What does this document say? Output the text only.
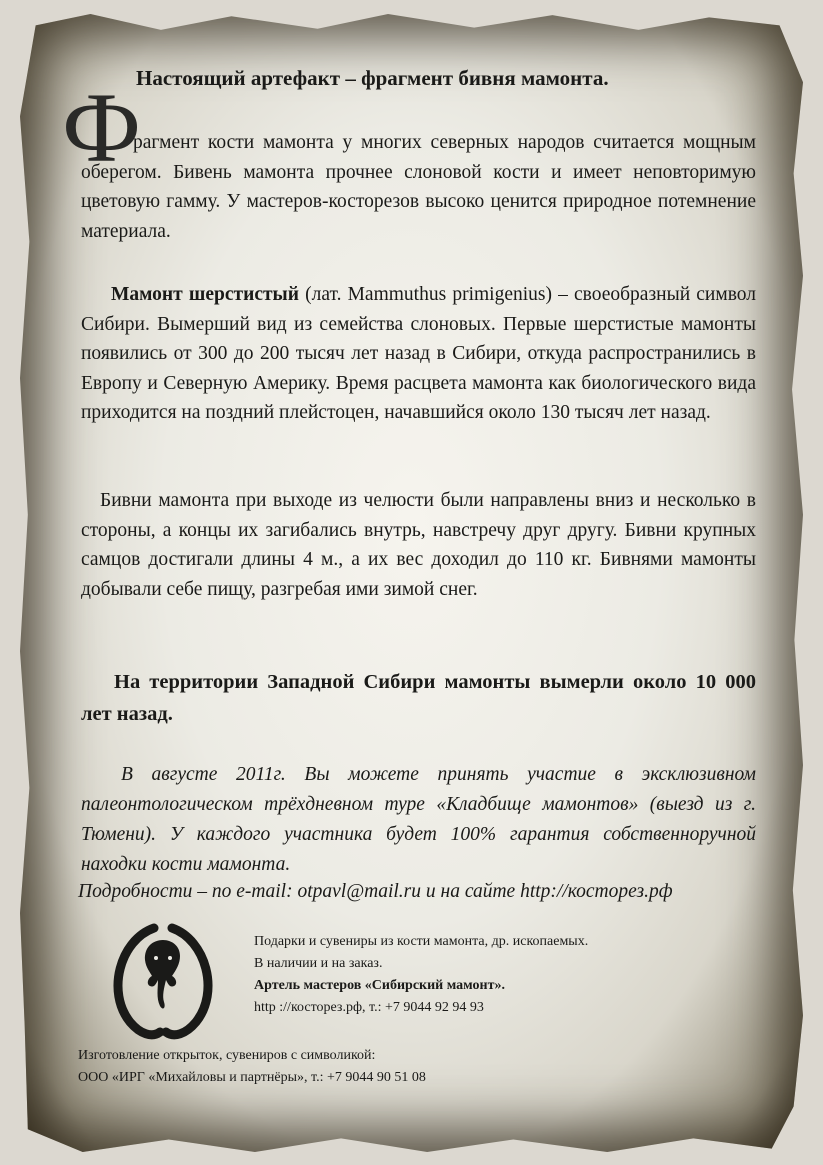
Настоящий артефакт – фрагмент бивня мамонта.
Ф

рагмент кости мамонта у многих северных народов считается мощным оберегом. Бивень мамонта прочнее слоновой кости и имеет неповторимую цветовую гамму. У мастеров-косторезов высоко ценится природное потемнение материала.

Мамонт шерстистый (лат. Mammuthus primigenius) – своеобразный символ Сибири. Вымерший вид из семейства слоновых. Первые шерстистые мамонты появились от 300 до 200 тысяч лет назад в Сибири, откуда распространились в Европу и Северную Америку. Время расцвета мамонта как биологического вида приходится на поздний плейстоцен, начавшийся около 130 тысяч лет назад.

Бивни мамонта при выходе из челюсти были направлены вниз и несколько в стороны, а концы их загибались внутрь, навстречу друг другу. Бивни крупных самцов достигали длины 4 м., а их вес доходил до 110 кг. Бивнями мамонты добывали себе пищу, разгребая ими зимой снег.

На территории Западной Сибири мамонты вымерли около 10 000 лет назад.

В августе 2011г. Вы можете принять участие в эксклюзивном палеонтологическом трёхдневном туре «Кладбище мамонтов» (выезд из г. Тюмени). У каждого участника будет 100% гарантия собственноручной находки кости мамонта.

Подробности – по e-mail: otpavl@mail.ru и на сайте http://косторез.рф
Подарки и сувениры из кости мамонта, др. ископаемых.
В наличии и на заказ.
Артель мастеров «Сибирский мамонт».
http ://косторез.рф, т.: +7 9044 92 94 93
Изготовление открыток, сувениров с символикой:
ООО «ИРГ «Михайловы и партнёры», т.: +7 9044 90 51 08
